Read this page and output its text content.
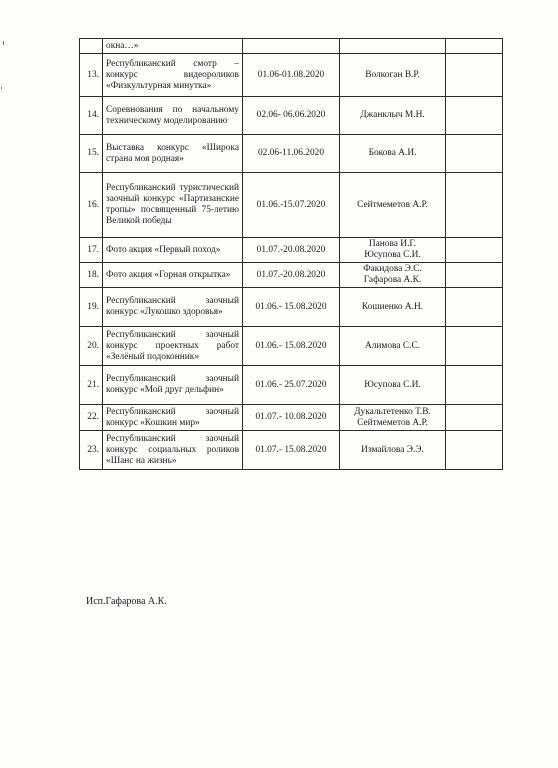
	окна…»			
13.	Республиканский смотр – конкурс видеороликов «Физкультурная минутка»	01.06-01.08.2020	Волкоган В.Р.	
14.	Соревнования по начальному техническому моделированию	02.06- 06.06.2020	Джанклыч М.Н.	
15.	Выставка конкурс «Широка страна моя родная»	02.06-11.06.2020	Бокова А.И.	
16.	Республиканский туристический заочный конкурс «Партизанские тропы» посвященный 75-летию Великой победы	01.06.-15.07.2020	Сейтмеметов А.Р.	
17.	Фото акция «Первый поход»	01.07.-20.08.2020	Панова И.Г.
Юсупова С.И.	
18.	Фото акция «Горная открытка»	01.07.-20.08.2020	Факидова Э.С.
Гафарова А.К.	
19.	Республиканский заочный конкурс «Лукошко здоровья»	01.06.- 15.08.2020	Кошиенко А.Н.	
20.	Республиканский заочный конкурс проектных работ «Зелёный подоконник»	01.06.- 15.08.2020	Алимова С.С.	
21.	Республиканский заочный конкурс «Мой друг дельфин»	01.06.- 25.07.2020	Юсупова С.И.	
22.	Республиканский заочный конкурс «Кошкин мир»	01.07.- 10.08.2020	Дукальтетенко Т.В.
Сейтмеметов А.Р.	
23.	Республиканский заочный конкурс социальных роликов «Шанс на жизнь»	01.07.- 15.08.2020	Измайлова Э.Э.	
Исп.Гафарова А.К.
